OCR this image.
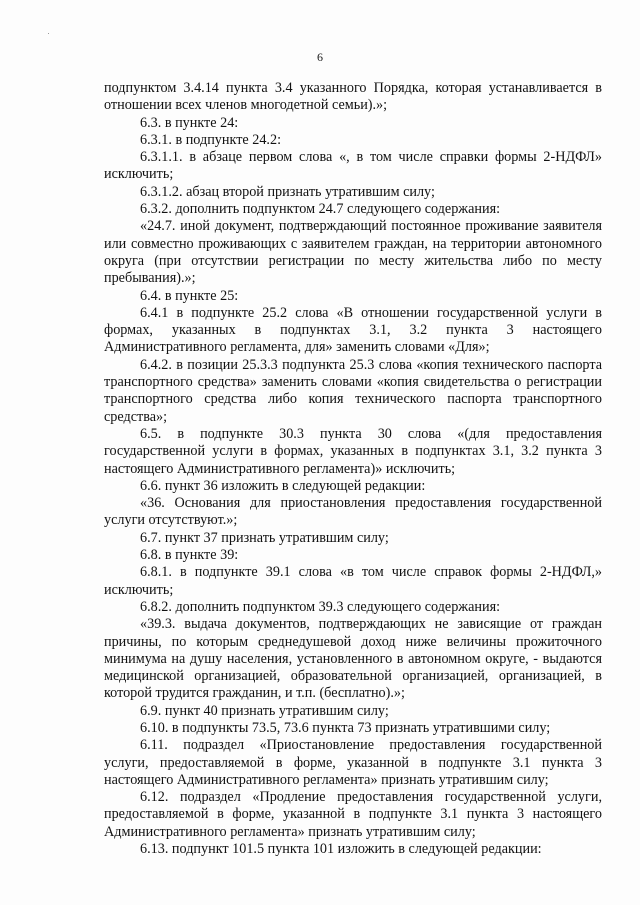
6

подпунктом 3.4.14 пункта 3.4 указанного Порядка, которая устанавливается в отношении всех членов многодетной семьи).»;

6.3. в пункте 24:

6.3.1. в подпункте 24.2:

6.3.1.1. в абзаце первом слова «, в том числе справки формы 2-НДФЛ» исключить;

6.3.1.2. абзац второй признать утратившим силу;

6.3.2. дополнить подпунктом 24.7 следующего содержания:

«24.7. иной документ, подтверждающий постоянное проживание заявителя или совместно проживающих с заявителем граждан, на территории автономного округа (при отсутствии регистрации по месту жительства либо по месту пребывания).»;

6.4. в пункте 25:

6.4.1 в подпункте 25.2 слова «В отношении государственной услуги в формах, указанных в подпунктах 3.1, 3.2 пункта 3 настоящего Административного регламента, для» заменить словами «Для»;

6.4.2. в позиции 25.3.3 подпункта 25.3 слова «копия технического паспорта транспортного средства» заменить словами «копия свидетельства о регистрации транспортного средства либо копия технического паспорта транспортного средства»;

6.5. в подпункте 30.3 пункта 30 слова «(для предоставления государственной услуги в формах, указанных в подпунктах 3.1, 3.2 пункта 3 настоящего Административного регламента)» исключить;

6.6. пункт 36 изложить в следующей редакции:

«36. Основания для приостановления предоставления государственной услуги отсутствуют.»;

6.7. пункт 37 признать утратившим силу;

6.8. в пункте 39:

6.8.1. в подпункте 39.1 слова «в том числе справок формы 2-НДФЛ,» исключить;

6.8.2. дополнить подпунктом 39.3 следующего содержания:

«39.3. выдача документов, подтверждающих не зависящие от граждан причины, по которым среднедушевой доход ниже величины прожиточного минимума на душу населения, установленного в автономном округе, - выдаются медицинской организацией, образовательной организацией, организацией, в которой трудится гражданин, и т.п. (бесплатно).»;

6.9. пункт 40 признать утратившим силу;

6.10. в подпункты 73.5, 73.6 пункта 73 признать утратившими силу;

6.11. подраздел «Приостановление предоставления государственной услуги, предоставляемой в форме, указанной в подпункте 3.1 пункта 3 настоящего Административного регламента» признать утратившим силу;

6.12. подраздел «Продление предоставления государственной услуги, предоставляемой в форме, указанной в подпункте 3.1 пункта 3 настоящего Административного регламента» признать утратившим силу;

6.13. подпункт 101.5 пункта 101 изложить в следующей редакции:
